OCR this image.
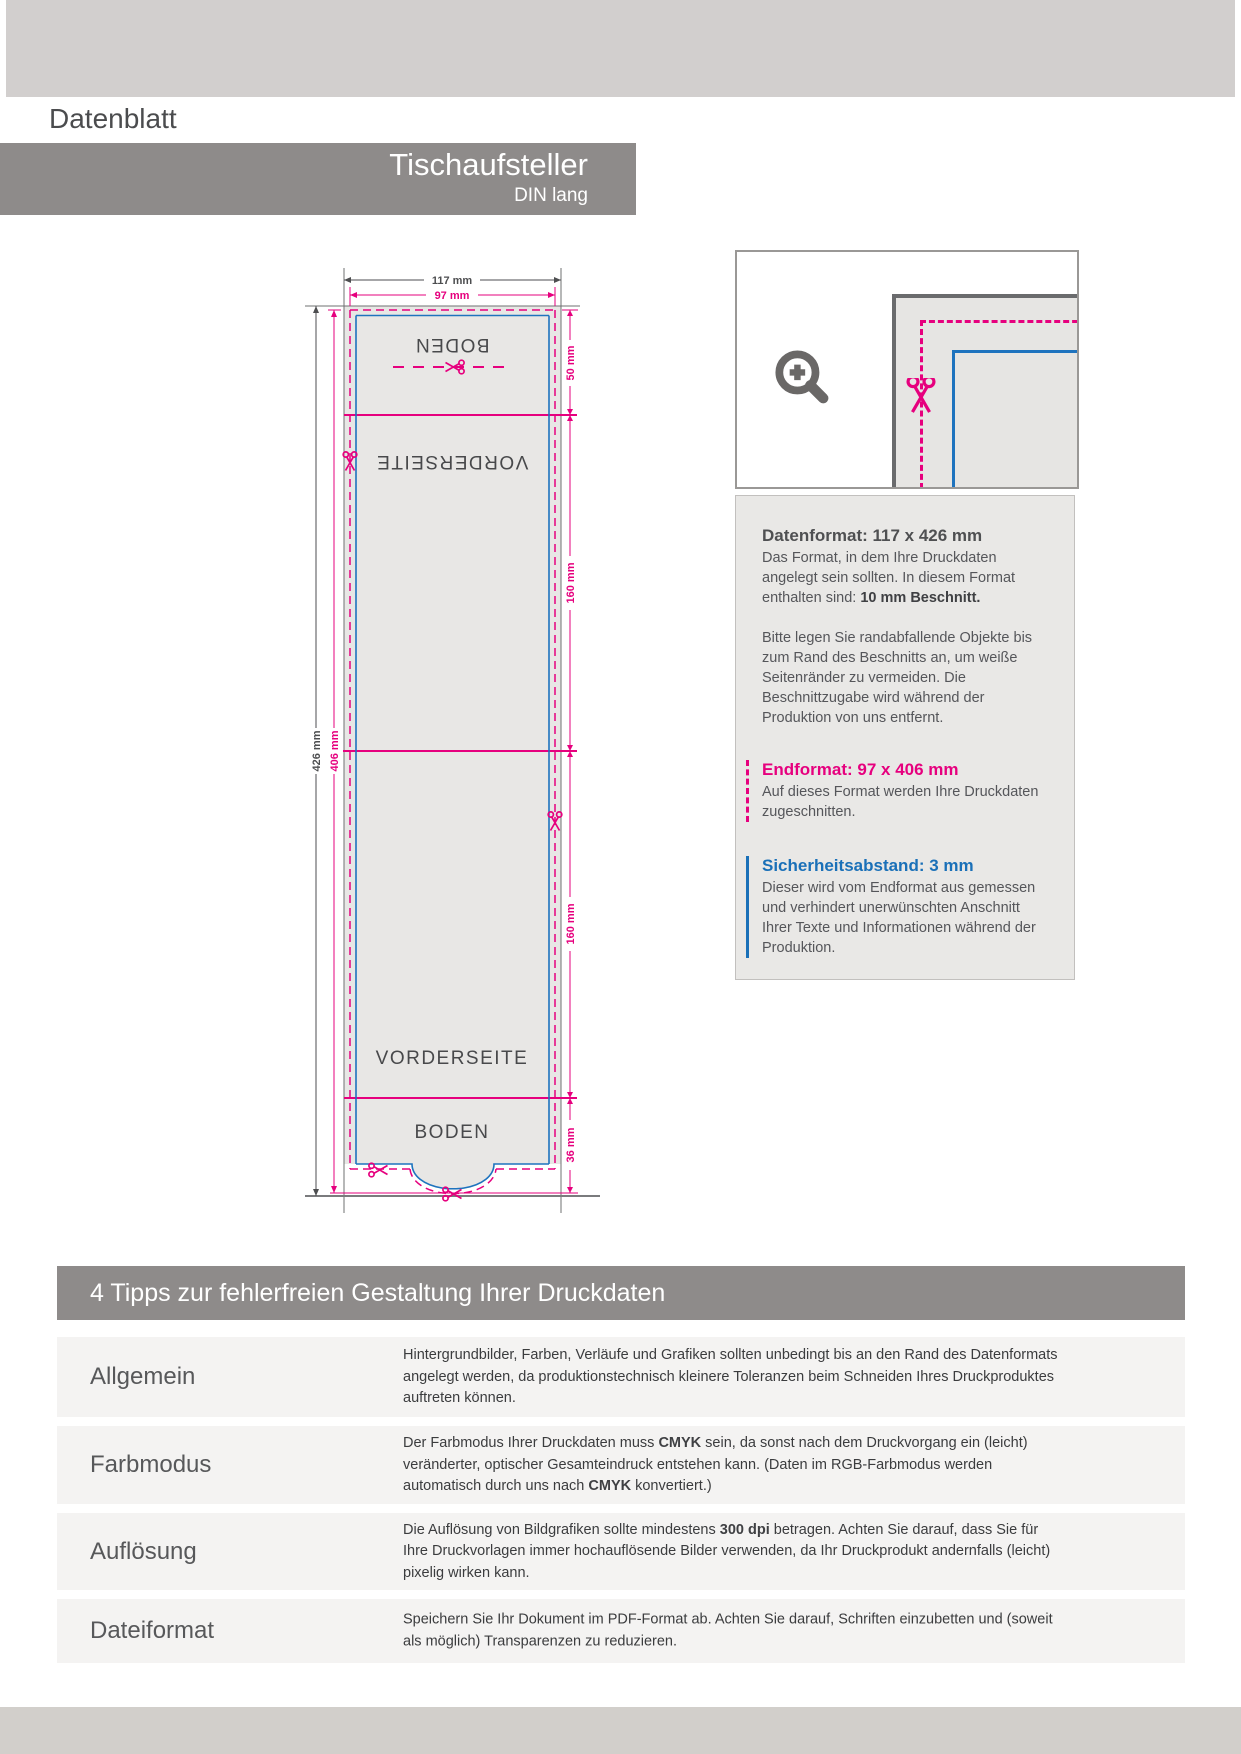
Datenblatt
Tischaufsteller
DIN lang
117 mm
97 mm
426 mm 406 mm
50 mm
160 mm
160 mm
36 mm
BODEN
VORDERSEITE
VORDERSEITE
BODEN
Datenformat: 117 x 426 mm

Das Format, in dem Ihre Druckdaten angelegt sein sollten. In diesem Format enthalten sind: 10 mm Beschnitt.

Bitte legen Sie randabfallende Objekte bis zum Rand des Beschnitts an, um weiße Seitenränder zu vermeiden. Die Beschnittzugabe wird während der Produktion von uns entfernt.

Endformat: 97 x 406 mm

Auf dieses Format werden Ihre Druckdaten zugeschnitten.

Sicherheitsabstand: 3 mm

Dieser wird vom Endformat aus gemessen und verhindert unerwünschten Anschnitt Ihrer Texte und Informationen während der Produktion.

4 Tipps zur fehlerfreien Gestaltung Ihrer Druckdaten
Allgemein
Hintergrundbilder, Farben, Verläufe und Grafiken sollten unbedingt bis an den Rand des Datenformats angelegt werden, da produktionstechnisch kleinere Toleranzen beim Schneiden Ihres Druckproduktes auftreten können.
Farbmodus
Der Farbmodus Ihrer Druckdaten muss CMYK sein, da sonst nach dem Druckvorgang ein (leicht) veränderter, optischer Gesamteindruck entstehen kann. (Daten im RGB-Farbmodus werden automatisch durch uns nach CMYK konvertiert.)
Auflösung
Die Auflösung von Bildgrafiken sollte mindestens 300 dpi betragen. Achten Sie darauf, dass Sie für Ihre Druckvorlagen immer hochauflösende Bilder verwenden, da Ihr Druckprodukt andernfalls (leicht) pixelig wirken kann.
Dateiformat	Speichern Sie Ihr Dokument im PDF-Format ab. Achten Sie darauf, Schriften einzubetten und (soweit als möglich) Transparenzen zu reduzieren.
